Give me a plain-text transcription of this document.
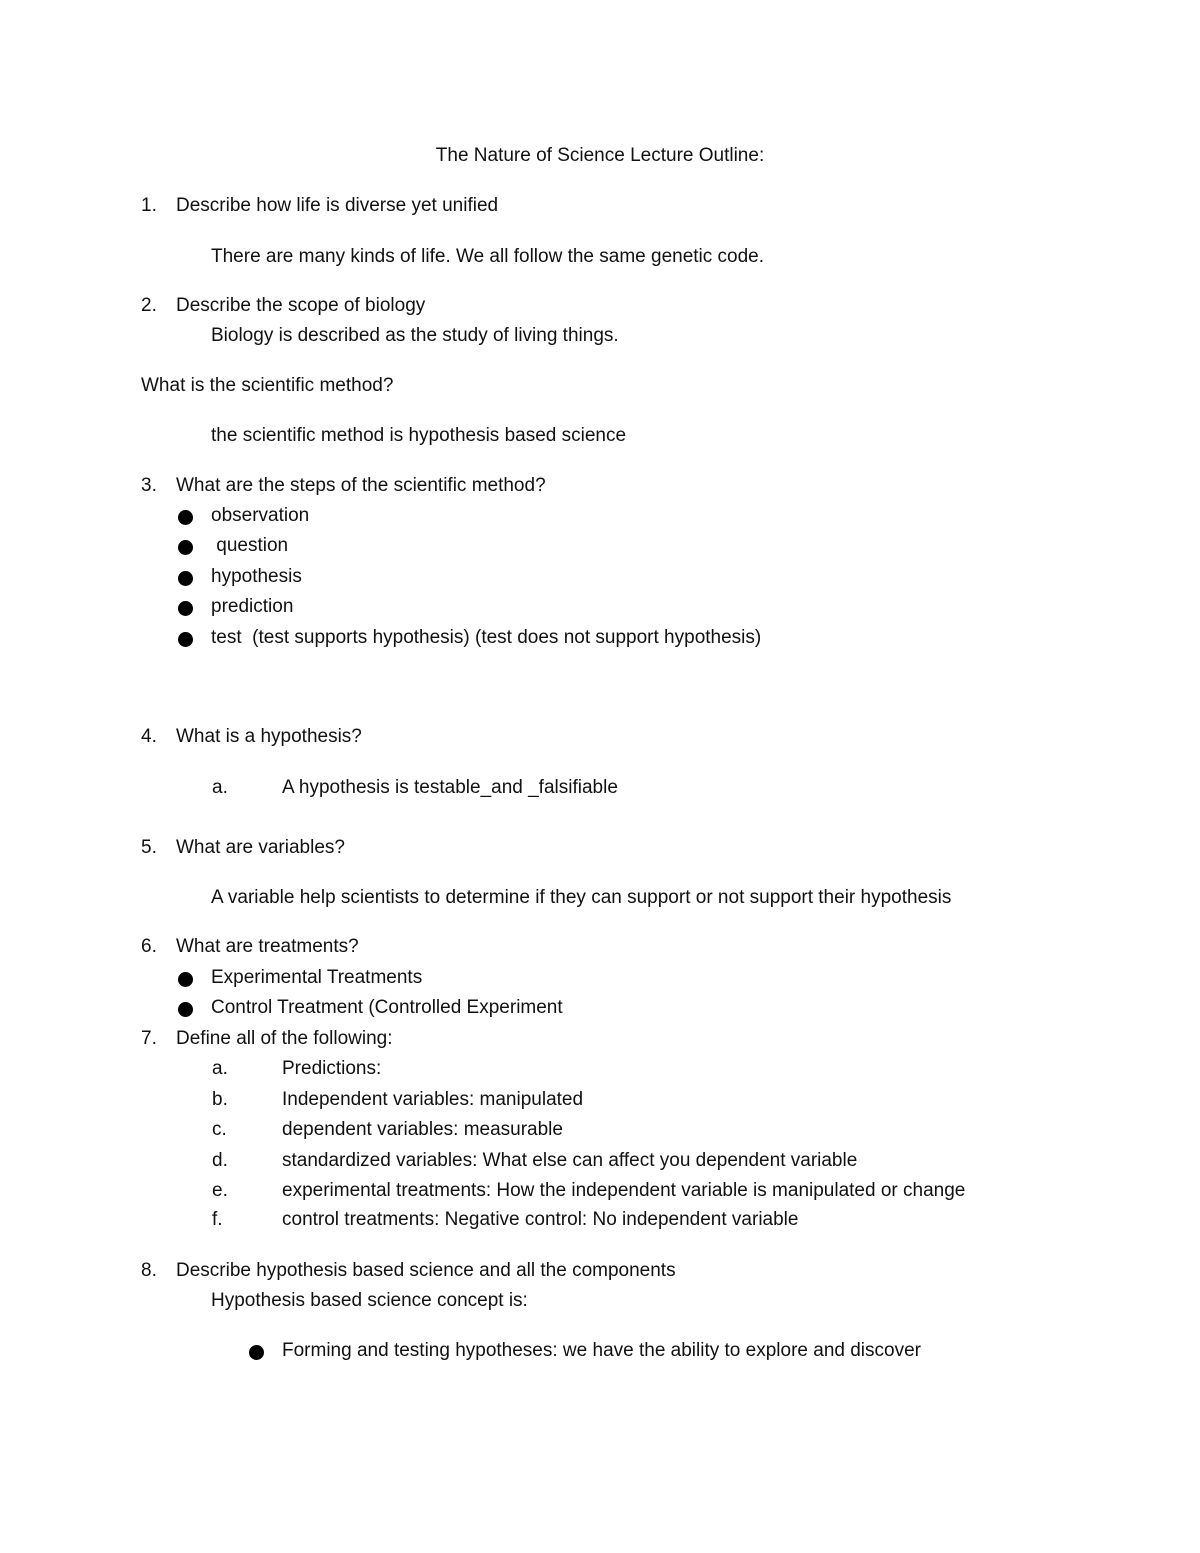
The Nature of Science Lecture Outline:
1. Describe how life is diverse yet unified
There are many kinds of life. We all follow the same genetic code.
2. Describe the scope of biology
Biology is described as the study of living things.
What is the scientific method?
the scientific method is hypothesis based science
3. What are the steps of the scientific method?
observation
question
hypothesis
prediction
test  (test supports hypothesis) (test does not support hypothesis)
4. What is a hypothesis?
a.	A hypothesis is testable_and _falsifiable
5. What are variables?
A variable help scientists to determine if they can support or not support their hypothesis
6. What are treatments?
Experimental Treatments
Control Treatment (Controlled Experiment
7. Define all of the following:
a.	Predictions:
b.	Independent variables: manipulated
c.	dependent variables: measurable
d.	standardized variables: What else can affect you dependent variable
e.	experimental treatments: How the independent variable is manipulated or change
f.	control treatments: Negative control: No independent variable
8. Describe hypothesis based science and all the components
Hypothesis based science concept is:
Forming and testing hypotheses: we have the ability to explore and discover
